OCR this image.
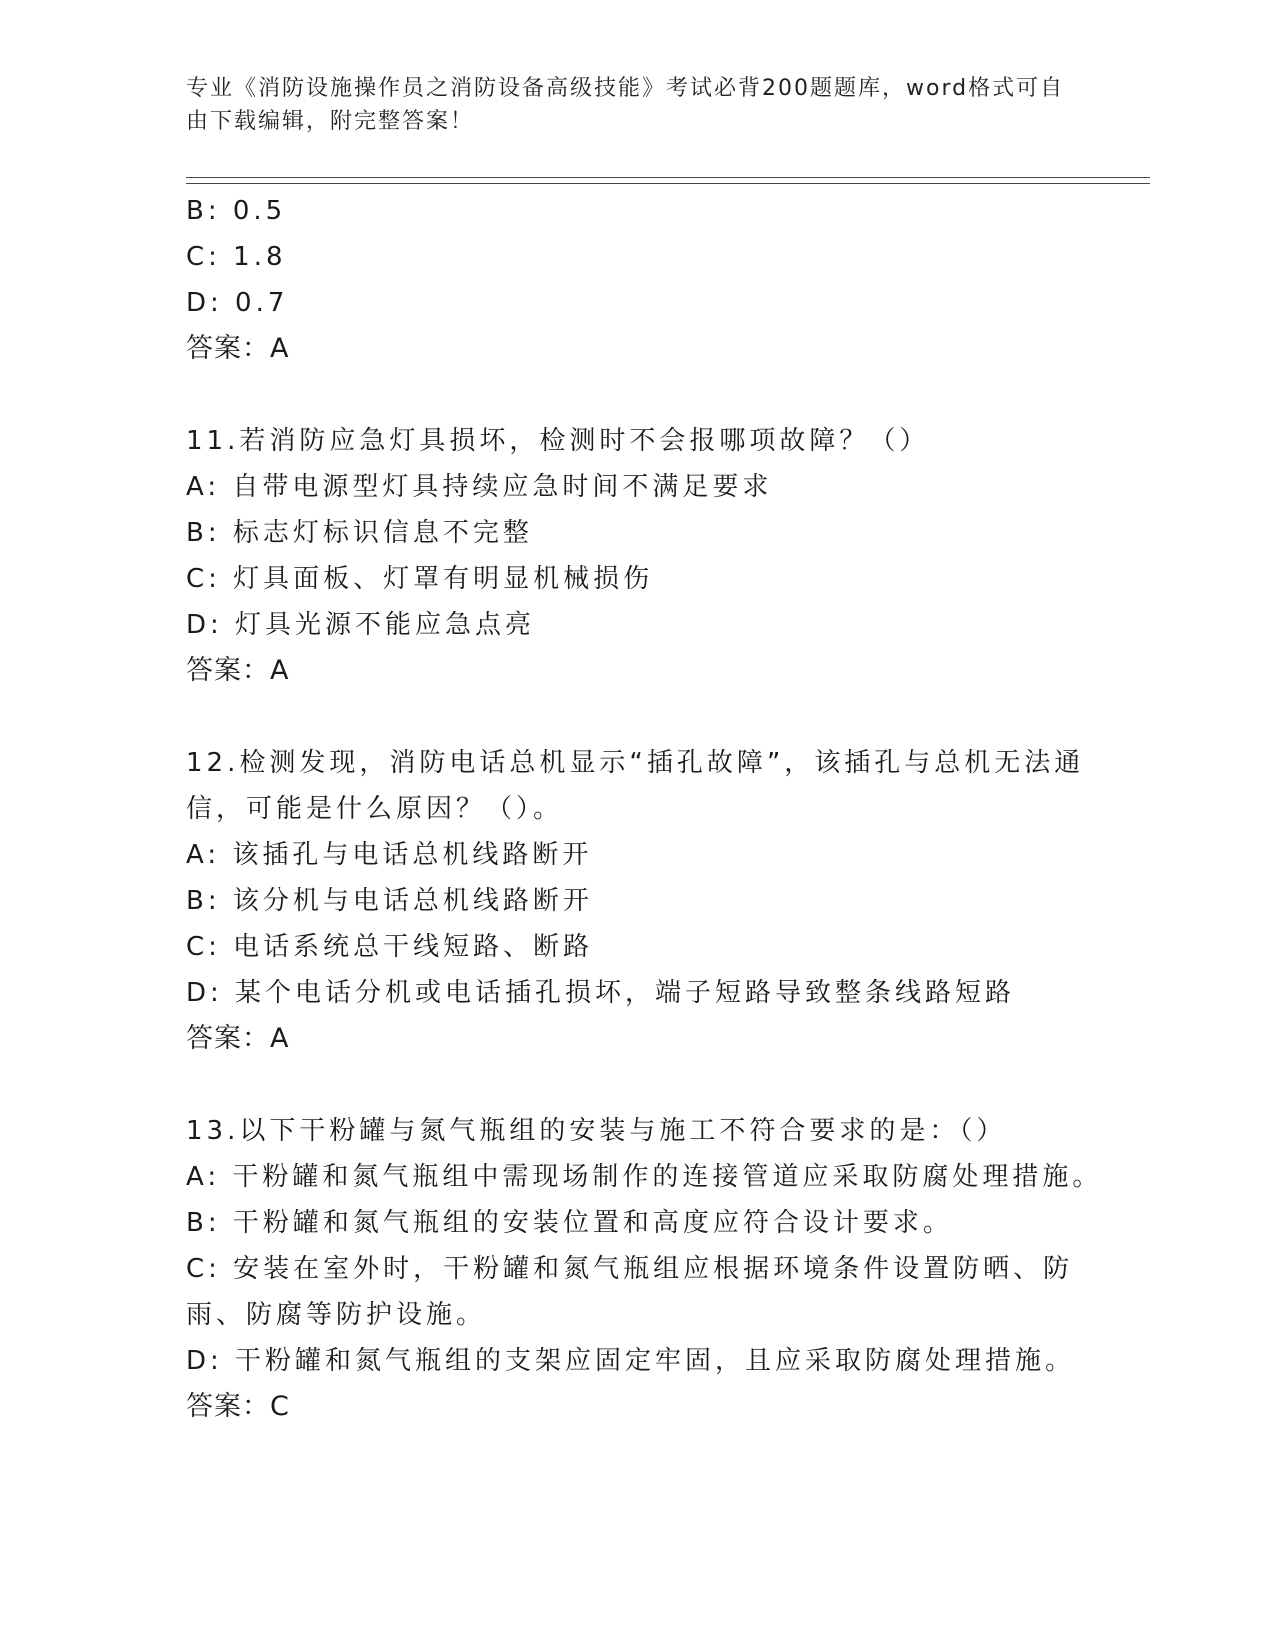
专业《消防设施操作员之消防设备高级技能》考试必背200题题库，word格式可自由下载编辑，附完整答案！
B: 0.5
C: 1.8
D: 0.7
答案：A
11.若消防应急灯具损坏，检测时不会报哪项故障？（）
A: 自带电源型灯具持续应急时间不满足要求
B: 标志灯标识信息不完整
C: 灯具面板、灯罩有明显机械损伤
D: 灯具光源不能应急点亮
答案：A
12.检测发现，消防电话总机显示“插孔故障”，该插孔与总机无法通信，可能是什么原因？（）。
A: 该插孔与电话总机线路断开
B: 该分机与电话总机线路断开
C: 电话系统总干线短路、断路
D: 某个电话分机或电话插孔损坏，端子短路导致整条线路短路
答案：A
13.以下干粉罐与氮气瓶组的安装与施工不符合要求的是：（）
A: 干粉罐和氮气瓶组中需现场制作的连接管道应采取防腐处理措施。
B: 干粉罐和氮气瓶组的安装位置和高度应符合设计要求。
C: 安装在室外时，干粉罐和氮气瓶组应根据环境条件设置防晒、防雨、防腐等防护设施。
D: 干粉罐和氮气瓶组的支架应固定牢固，且应采取防腐处理措施。
答案：C
